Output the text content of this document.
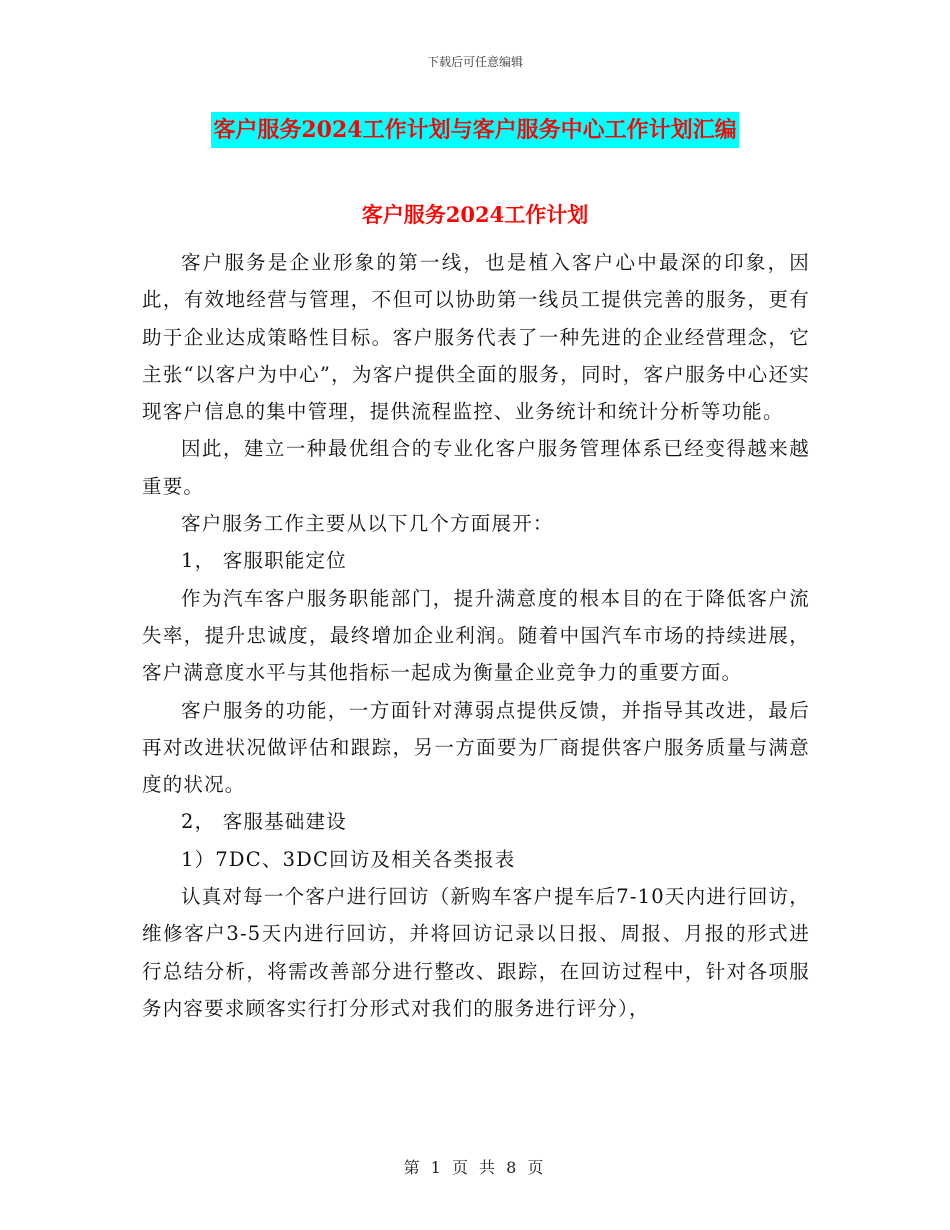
下载后可任意编辑
客户服务2024工作计划与客户服务中心工作计划汇编
客户服务2024工作计划

客户服务是企业形象的第一线，也是植入客户心中最深的印象，因此，有效地经营与管理，不但可以协助第一线员工提供完善的服务，更有助于企业达成策略性目标。客户服务代表了一种先进的企业经营理念，它主张“以客户为中心”，为客户提供全面的服务，同时，客户服务中心还实现客户信息的集中管理，提供流程监控、业务统计和统计分析等功能。

因此，建立一种最优组合的专业化客户服务管理体系已经变得越来越重要。

客户服务工作主要从以下几个方面展开：

1， 客服职能定位

作为汽车客户服务职能部门，提升满意度的根本目的在于降低客户流失率，提升忠诚度，最终增加企业利润。随着中国汽车市场的持续进展，客户满意度水平与其他指标一起成为衡量企业竞争力的重要方面。

客户服务的功能，一方面针对薄弱点提供反馈，并指导其改进，最后再对改进状况做评估和跟踪，另一方面要为厂商提供客户服务质量与满意度的状况。

2， 客服基础建设

1）7DC、3DC回访及相关各类报表

认真对每一个客户进行回访（新购车客户提车后7-10天内进行回访，维修客户3-5天内进行回访，并将回访记录以日报、周报、月报的形式进行总结分析，将需改善部分进行整改、跟踪，在回访过程中，针对各项服务内容要求顾客实行打分形式对我们的服务进行评分），

第 1 页 共 8 页
